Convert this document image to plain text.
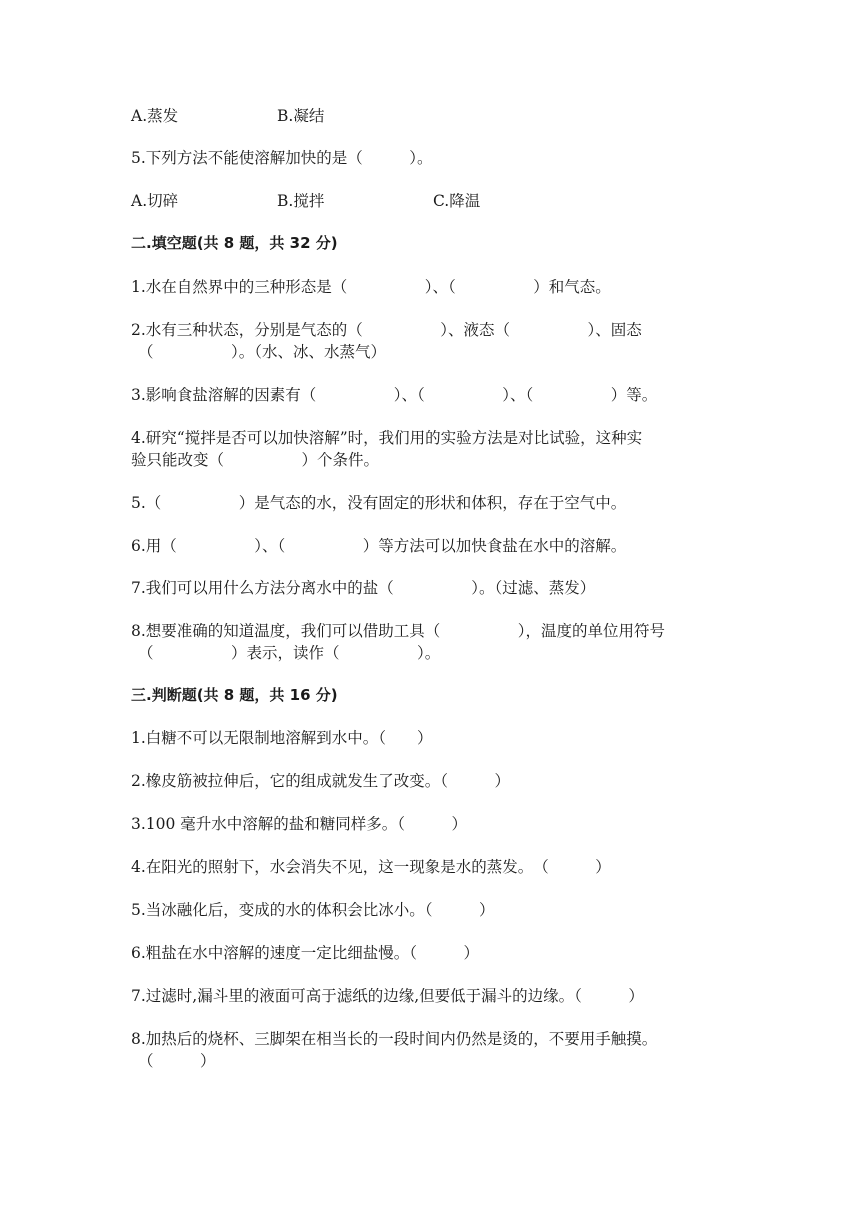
A.蒸发	B.凝结
5.下列方法不能使溶解加快的是（　　　）。
A.切碎	B.搅拌	C.降温
二.填空题(共 8 题，共 32 分)
1.水在自然界中的三种形态是（　　　　　）、（　　　　　）和气态。
2.水有三种状态，分别是气态的（　　　　　）、液态（　　　　　）、固态
（　　　　　）。（水、冰、水蒸气）
3.影响食盐溶解的因素有（　　　　　）、（　　　　　）、（　　　　　）等。
4.研究“搅拌是否可以加快溶解”时，我们用的实验方法是对比试验，这种实
验只能改变（　　　　　）个条件。
5.（　　　　　）是气态的水，没有固定的形状和体积，存在于空气中。
6.用（　　　　　）、（　　　　　）等方法可以加快食盐在水中的溶解。
7.我们可以用什么方法分离水中的盐（　　　　　）。（过滤、蒸发）
8.想要准确的知道温度，我们可以借助工具（　　　　　），温度的单位用符号
（　　　　　）表示，读作（　　　　　）。
三.判断题(共 8 题，共 16 分)
1.白糖不可以无限制地溶解到水中。（　　）
2.橡皮筋被拉伸后，它的组成就发生了改变。（　　　）
3.100 毫升水中溶解的盐和糖同样多。（　　　）
4.在阳光的照射下，水会消失不见，这一现象是水的蒸发。　（　　　）
5.当冰融化后，变成的水的体积会比冰小。（　　　）
6.粗盐在水中溶解的速度一定比细盐慢。（　　　）
7.过滤时,漏斗里的液面可高于滤纸的边缘,但要低于漏斗的边缘。（　　　）
8.加热后的烧杯、三脚架在相当长的一段时间内仍然是烫的，不要用手触摸。
（　　　）
